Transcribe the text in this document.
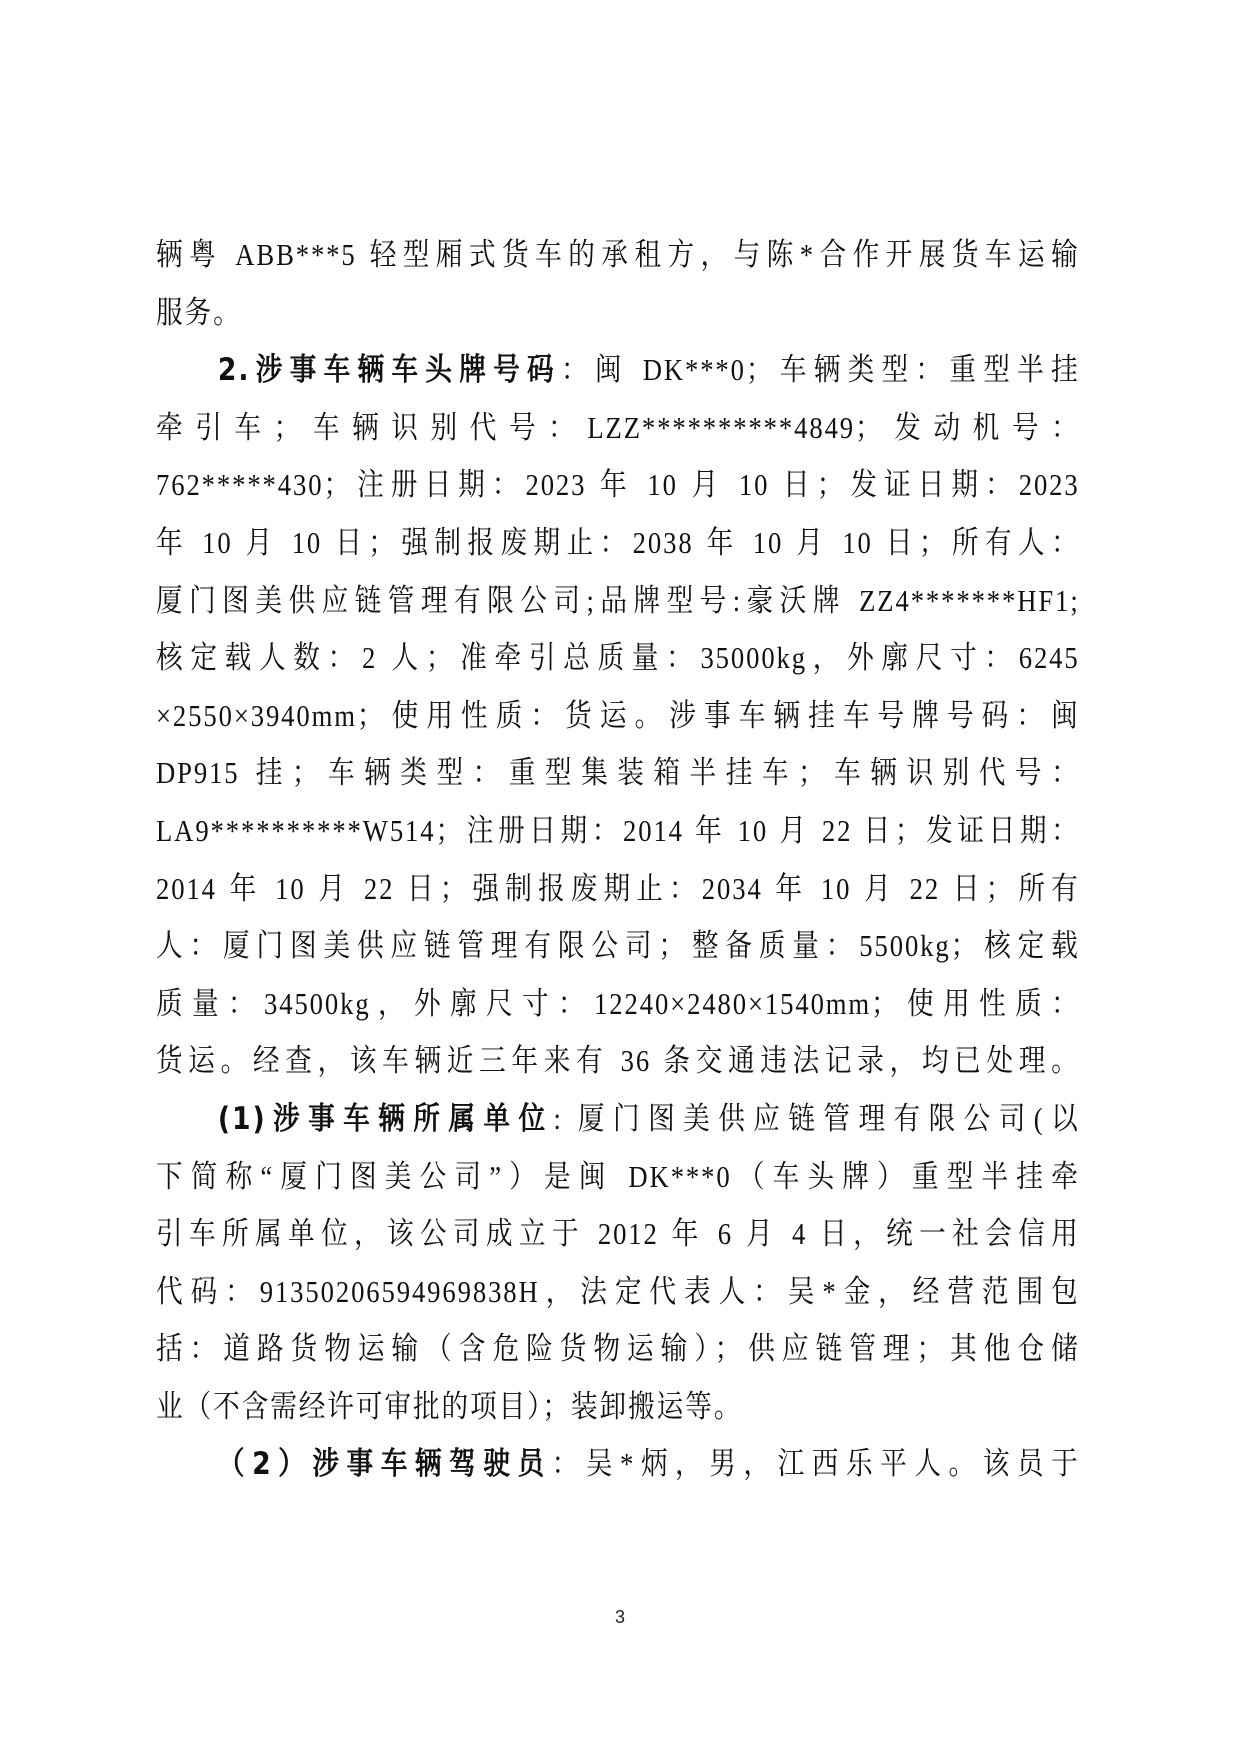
辆粤 ABB***5 轻型厢式货车的承租方，与陈*合作开展货车运输
服务。
2.涉事车辆车头牌号码：闽 DK***0；车辆类型：重型半挂
牵引车；车辆识别代号：LZZ**********4849；发动机号：
762*****430；注册日期：2023 年 10 月 10 日；发证日期：2023
年 10 月 10 日；强制报废期止：2038 年 10 月 10 日；所有人：
厦门图美供应链管理有限公司;品牌型号:豪沃牌 ZZ4*******HF1;
核定载人数：2 人；准牵引总质量：35000kg，外廓尺寸：6245
×2550×3940mm；使用性质：货运。涉事车辆挂车号牌号码：闽
DP915 挂；车辆类型：重型集装箱半挂车；车辆识别代号：
LA9**********W514；注册日期：2014 年 10 月 22 日；发证日期：
2014 年 10 月 22 日；强制报废期止：2034 年 10 月 22 日；所有
人：厦门图美供应链管理有限公司；整备质量：5500kg；核定载
质量：34500kg，外廓尺寸：12240×2480×1540mm；使用性质：
货运。经查，该车辆近三年来有 36 条交通违法记录，均已处理。
(1)涉事车辆所属单位: 厦门图美供应链管理有限公司(以
下简称“厦门图美公司”）是闽 DK***0（车头牌）重型半挂牵
引车所属单位，该公司成立于 2012 年 6 月 4 日，统一社会信用
代码：91350206594969838H，法定代表人：吴*金，经营范围包
括：道路货物运输（含危险货物运输）；供应链管理；其他仓储
业（不含需经许可审批的项目）；装卸搬运等。
（2）涉事车辆驾驶员：吴*炳，男，江西乐平人。该员于
3
